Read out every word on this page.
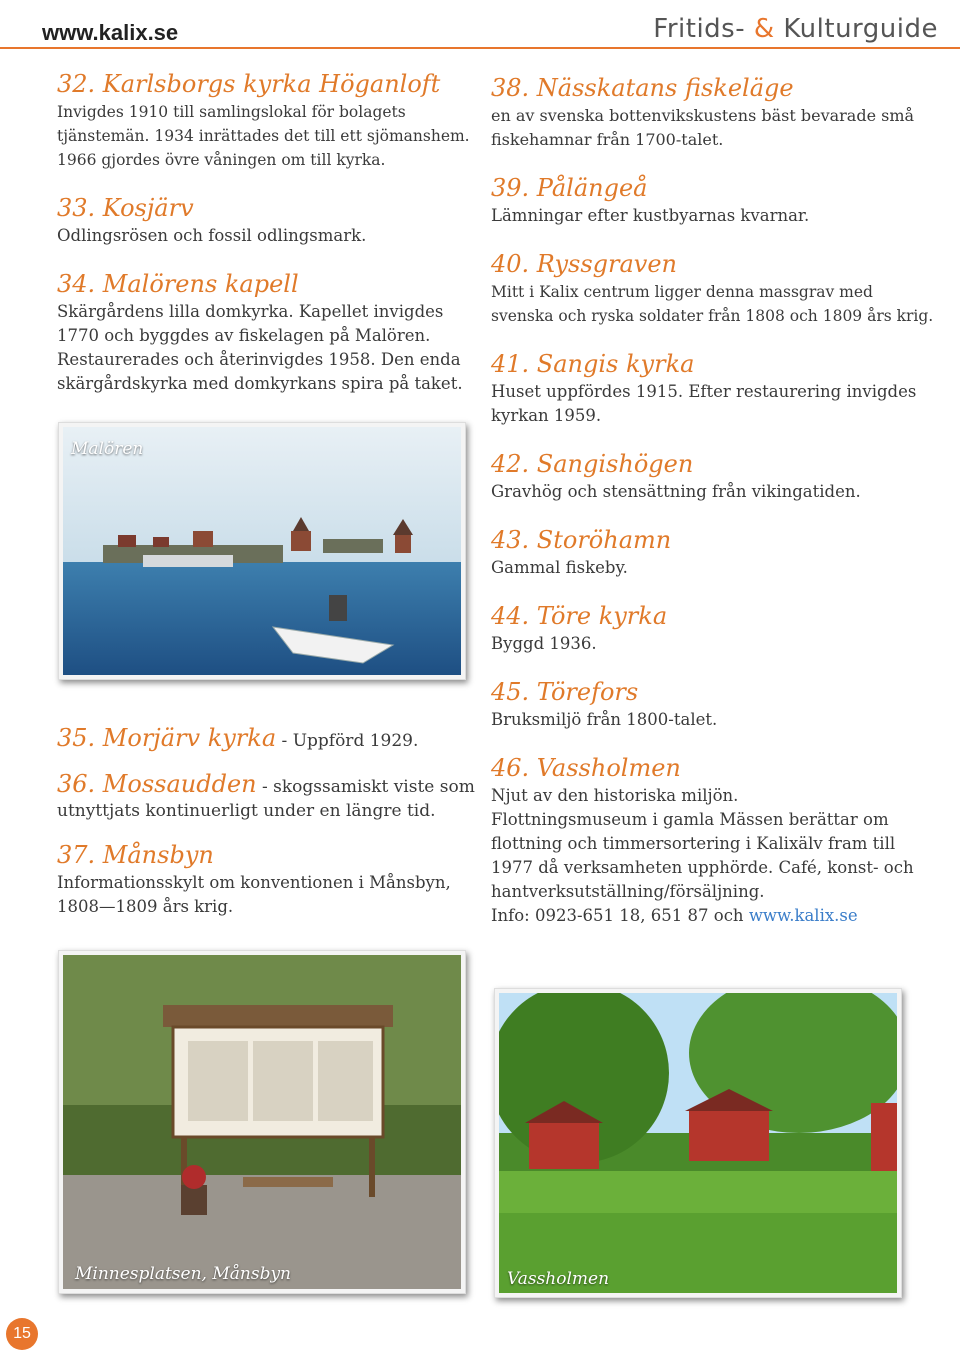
www.kalix.se	Fritids- & Kulturguide
32. Karlsborgs kyrka Höganloft

Invigdes 1910 till samlingslokal för bolagets tjänstemän. 1934 inrättades det till ett sjömanshem. 1966 gjordes övre våningen om till kyrka.

33. Kosjärv

Odlingsrösen och fossil odlingsmark.

34. Malörens kapell

Skärgårdens lilla domkyrka. Kapellet invigdes 1770 och byggdes av fiskelagen på Malören. Restaurerades och återinvigdes 1958. Den enda skärgårdskyrka med domkyrkans spira på taket.

Malören
35. Morjärv kyrka - Uppförd 1929.
36. Mossaudden - skogssamiskt viste som utnyttjats kontinuerligt under en längre tid.
37. Månsbyn

Informationsskylt om konventionen i Månsbyn, 1808—1809 års krig.

Minnesplatsen, Månsbyn
38. Nässkatans fiskeläge

en av svenska bottenvikskustens bäst bevarade små fiskehamnar från 1700-talet.

39. Pålängeå

Lämningar efter kustbyarnas kvarnar.

40. Ryssgraven

Mitt i Kalix centrum ligger denna massgrav med svenska och ryska soldater från 1808 och 1809 års krig.

41. Sangis kyrka

Huset uppfördes 1915. Efter restaurering invigdes kyrkan 1959.

42. Sangishögen

Gravhög och stensättning från vikingatiden.

43. Storöhamn

Gammal fiskeby.

44. Töre kyrka

Byggd 1936.

45. Törefors

Bruksmiljö från 1800-talet.

46. Vassholmen

Njut av den historiska miljön.

Flottningsmuseum i gamla Mässen berättar om flottning och timmersortering i Kalixälv fram till 1977 då verksamheten upphörde. Café, konst- och hantverksutställning/försäljning.

Info: 0923-651 18, 651 87 och www.kalix.se

Vassholmen
15
